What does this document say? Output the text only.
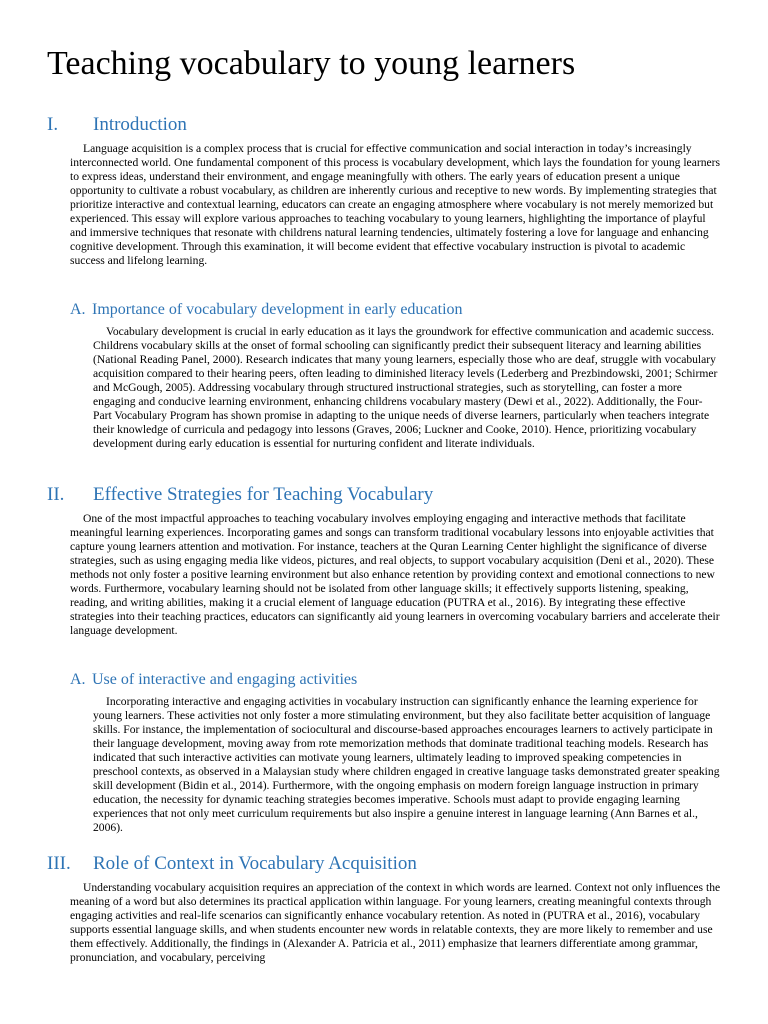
Teaching vocabulary to young learners
I. Introduction

Language acquisition is a complex process that is crucial for effective communication and social interaction in today’s increasingly interconnected world. One fundamental component of this process is vocabulary development, which lays the foundation for young learners to express ideas, understand their environment, and engage meaningfully with others. The early years of education present a unique opportunity to cultivate a robust vocabulary, as children are inherently curious and receptive to new words. By implementing strategies that prioritize interactive and contextual learning, educators can create an engaging atmosphere where vocabulary is not merely memorized but experienced. This essay will explore various approaches to teaching vocabulary to young learners, highlighting the importance of playful and immersive techniques that resonate with childrens natural learning tendencies, ultimately fostering a love for language and enhancing cognitive development. Through this examination, it will become evident that effective vocabulary instruction is pivotal to academic success and lifelong learning.

A. Importance of vocabulary development in early education

Vocabulary development is crucial in early education as it lays the groundwork for effective communication and academic success. Childrens vocabulary skills at the onset of formal schooling can significantly predict their subsequent literacy and learning abilities (National Reading Panel, 2000). Research indicates that many young learners, especially those who are deaf, struggle with vocabulary acquisition compared to their hearing peers, often leading to diminished literacy levels (Lederberg and Prezbindowski, 2001; Schirmer and McGough, 2005). Addressing vocabulary through structured instructional strategies, such as storytelling, can foster a more engaging and conducive learning environment, enhancing childrens vocabulary mastery (Dewi et al., 2022). Additionally, the Four-Part Vocabulary Program has shown promise in adapting to the unique needs of diverse learners, particularly when teachers integrate their knowledge of curricula and pedagogy into lessons (Graves, 2006; Luckner and Cooke, 2010). Hence, prioritizing vocabulary development during early education is essential for nurturing confident and literate individuals.

II. Effective Strategies for Teaching Vocabulary

One of the most impactful approaches to teaching vocabulary involves employing engaging and interactive methods that facilitate meaningful learning experiences. Incorporating games and songs can transform traditional vocabulary lessons into enjoyable activities that capture young learners attention and motivation. For instance, teachers at the Quran Learning Center highlight the significance of diverse strategies, such as using engaging media like videos, pictures, and real objects, to support vocabulary acquisition (Deni et al., 2020). These methods not only foster a positive learning environment but also enhance retention by providing context and emotional connections to new words. Furthermore, vocabulary learning should not be isolated from other language skills; it effectively supports listening, speaking, reading, and writing abilities, making it a crucial element of language education (PUTRA et al., 2016). By integrating these effective strategies into their teaching practices, educators can significantly aid young learners in overcoming vocabulary barriers and accelerate their language development.

A. Use of interactive and engaging activities

Incorporating interactive and engaging activities in vocabulary instruction can significantly enhance the learning experience for young learners. These activities not only foster a more stimulating environment, but they also facilitate better acquisition of language skills. For instance, the implementation of sociocultural and discourse-based approaches encourages learners to actively participate in their language development, moving away from rote memorization methods that dominate traditional teaching models. Research has indicated that such interactive activities can motivate young learners, ultimately leading to improved speaking competencies in preschool contexts, as observed in a Malaysian study where children engaged in creative language tasks demonstrated greater speaking skill development (Bidin et al., 2014). Furthermore, with the ongoing emphasis on modern foreign language instruction in primary education, the necessity for dynamic teaching strategies becomes imperative. Schools must adapt to provide engaging learning experiences that not only meet curriculum requirements but also inspire a genuine interest in language learning (Ann Barnes et al., 2006).

III. Role of Context in Vocabulary Acquisition

Understanding vocabulary acquisition requires an appreciation of the context in which words are learned. Context not only influences the meaning of a word but also determines its practical application within language. For young learners, creating meaningful contexts through engaging activities and real-life scenarios can significantly enhance vocabulary retention. As noted in (PUTRA et al., 2016), vocabulary supports essential language skills, and when students encounter new words in relatable contexts, they are more likely to remember and use them effectively. Additionally, the findings in (Alexander A. Patricia et al., 2011) emphasize that learners differentiate among grammar, pronunciation, and vocabulary, perceiving
